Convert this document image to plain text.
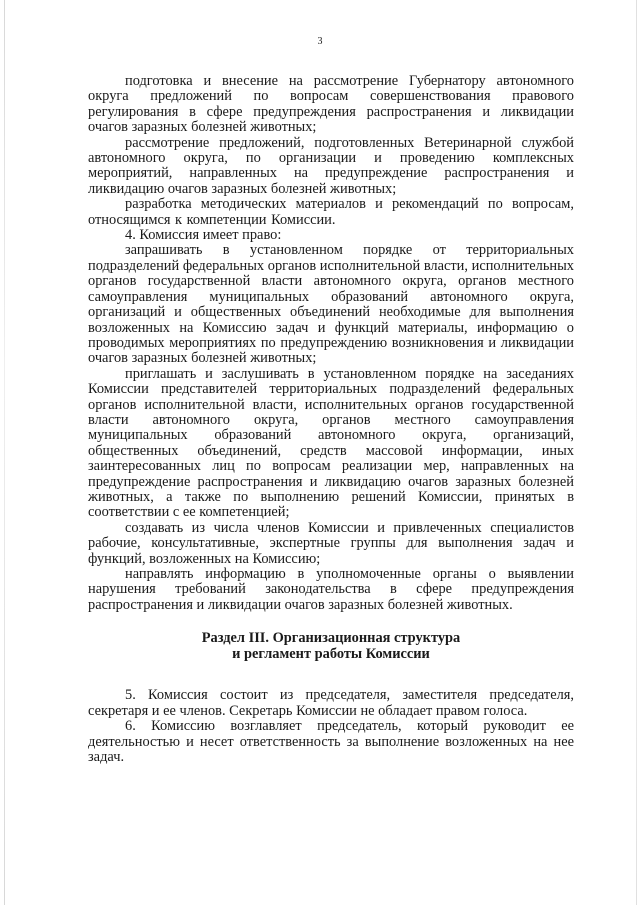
3

подготовка и внесение на рассмотрение Губернатору автономного округа предложений по вопросам совершенствования правового регулирования в сфере предупреждения распространения и ликвидации очагов заразных болезней животных;

рассмотрение предложений, подготовленных Ветеринарной службой автономного округа, по организации и проведению комплексных мероприятий, направленных на предупреждение распространения и ликвидацию очагов заразных болезней животных;

разработка методических материалов и рекомендаций по вопросам, относящимся к компетенции Комиссии.

4. Комиссия имеет право:

запрашивать в установленном порядке от территориальных подразделений федеральных органов исполнительной власти, исполнительных органов государственной власти автономного округа, органов местного самоуправления муниципальных образований автономного округа, организаций и общественных объединений необходимые для выполнения возложенных на Комиссию задач и функций материалы, информацию о проводимых мероприятиях по предупреждению возникновения и ликвидации очагов заразных болезней животных;

приглашать и заслушивать в установленном порядке на заседаниях Комиссии представителей территориальных подразделений федеральных органов исполнительной власти, исполнительных органов государственной власти автономного округа, органов местного самоуправления муниципальных образований автономного округа, организаций, общественных объединений, средств массовой информации, иных заинтересованных лиц по вопросам реализации мер, направленных на предупреждение распространения и ликвидацию очагов заразных болезней животных, а также по выполнению решений Комиссии, принятых в соответствии с ее компетенцией;

создавать из числа членов Комиссии и привлеченных специалистов рабочие, консультативные, экспертные группы для выполнения задач и функций, возложенных на Комиссию;

направлять информацию в уполномоченные органы о выявлении нарушения требований законодательства в сфере предупреждения распространения и ликвидации очагов заразных болезней животных.

Раздел III. Организационная структура
и регламент работы Комиссии

5. Комиссия состоит из председателя, заместителя председателя, секретаря и ее членов. Секретарь Комиссии не обладает правом голоса.

6. Комиссию возглавляет председатель, который руководит ее деятельностью и несет ответственность за выполнение возложенных на нее задач.
